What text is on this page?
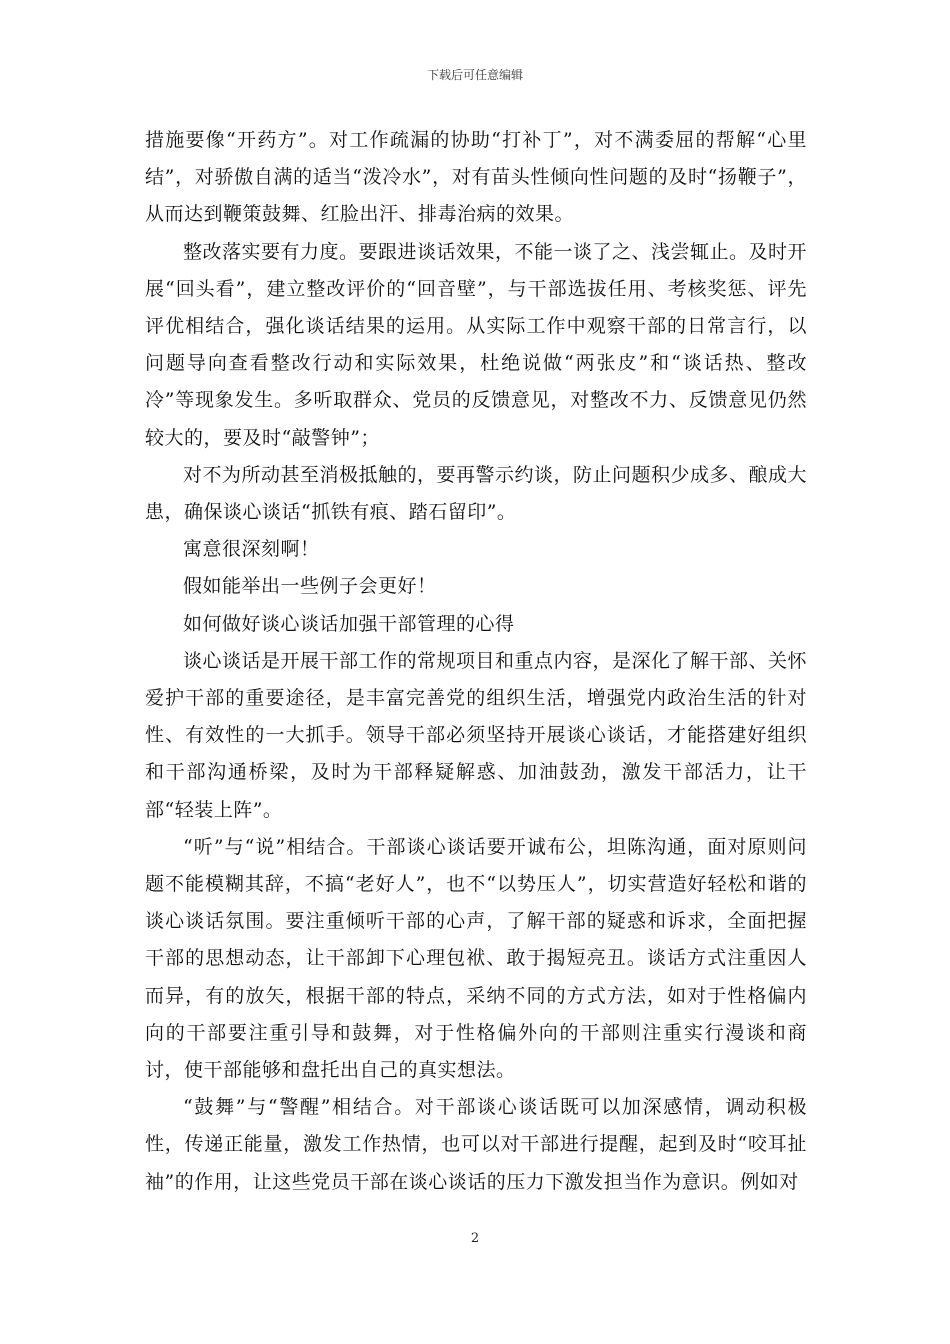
下载后可任意编辑

措施要像“开药方”。对工作疏漏的协助“打补丁”，对不满委屈的帮解“心里结”，对骄傲自满的适当“泼冷水”，对有苗头性倾向性问题的及时“扬鞭子”，从而达到鞭策鼓舞、红脸出汗、排毒治病的效果。

整改落实要有力度。要跟进谈话效果，不能一谈了之、浅尝辄止。及时开展“回头看”，建立整改评价的“回音壁”，与干部选拔任用、考核奖惩、评先评优相结合，强化谈话结果的运用。从实际工作中观察干部的日常言行，以问题导向查看整改行动和实际效果，杜绝说做“两张皮”和“谈话热、整改冷”等现象发生。多听取群众、党员的反馈意见，对整改不力、反馈意见仍然较大的，要及时“敲警钟”；

对不为所动甚至消极抵触的，要再警示约谈，防止问题积少成多、酿成大患，确保谈心谈话“抓铁有痕、踏石留印”。

寓意很深刻啊！

假如能举出一些例子会更好！

如何做好谈心谈话加强干部管理的心得

谈心谈话是开展干部工作的常规项目和重点内容，是深化了解干部、关怀爱护干部的重要途径，是丰富完善党的组织生活，增强党内政治生活的针对性、有效性的一大抓手。领导干部必须坚持开展谈心谈话，才能搭建好组织和干部沟通桥梁，及时为干部释疑解惑、加油鼓劲，激发干部活力，让干部“轻装上阵”。

“听”与“说”相结合。干部谈心谈话要开诚布公，坦陈沟通，面对原则问题不能模糊其辞，不搞“老好人”，也不“以势压人”，切实营造好轻松和谐的谈心谈话氛围。要注重倾听干部的心声，了解干部的疑惑和诉求，全面把握干部的思想动态，让干部卸下心理包袱、敢于揭短亮丑。谈话方式注重因人而异，有的放矢，根据干部的特点，采纳不同的方式方法，如对于性格偏内向的干部要注重引导和鼓舞，对于性格偏外向的干部则注重实行漫谈和商讨，使干部能够和盘托出自己的真实想法。

“鼓舞”与“警醒”相结合。对干部谈心谈话既可以加深感情，调动积极性，传递正能量，激发工作热情，也可以对干部进行提醒，起到及时“咬耳扯袖”的作用，让这些党员干部在谈心谈话的压力下激发担当作为意识。例如对

2
